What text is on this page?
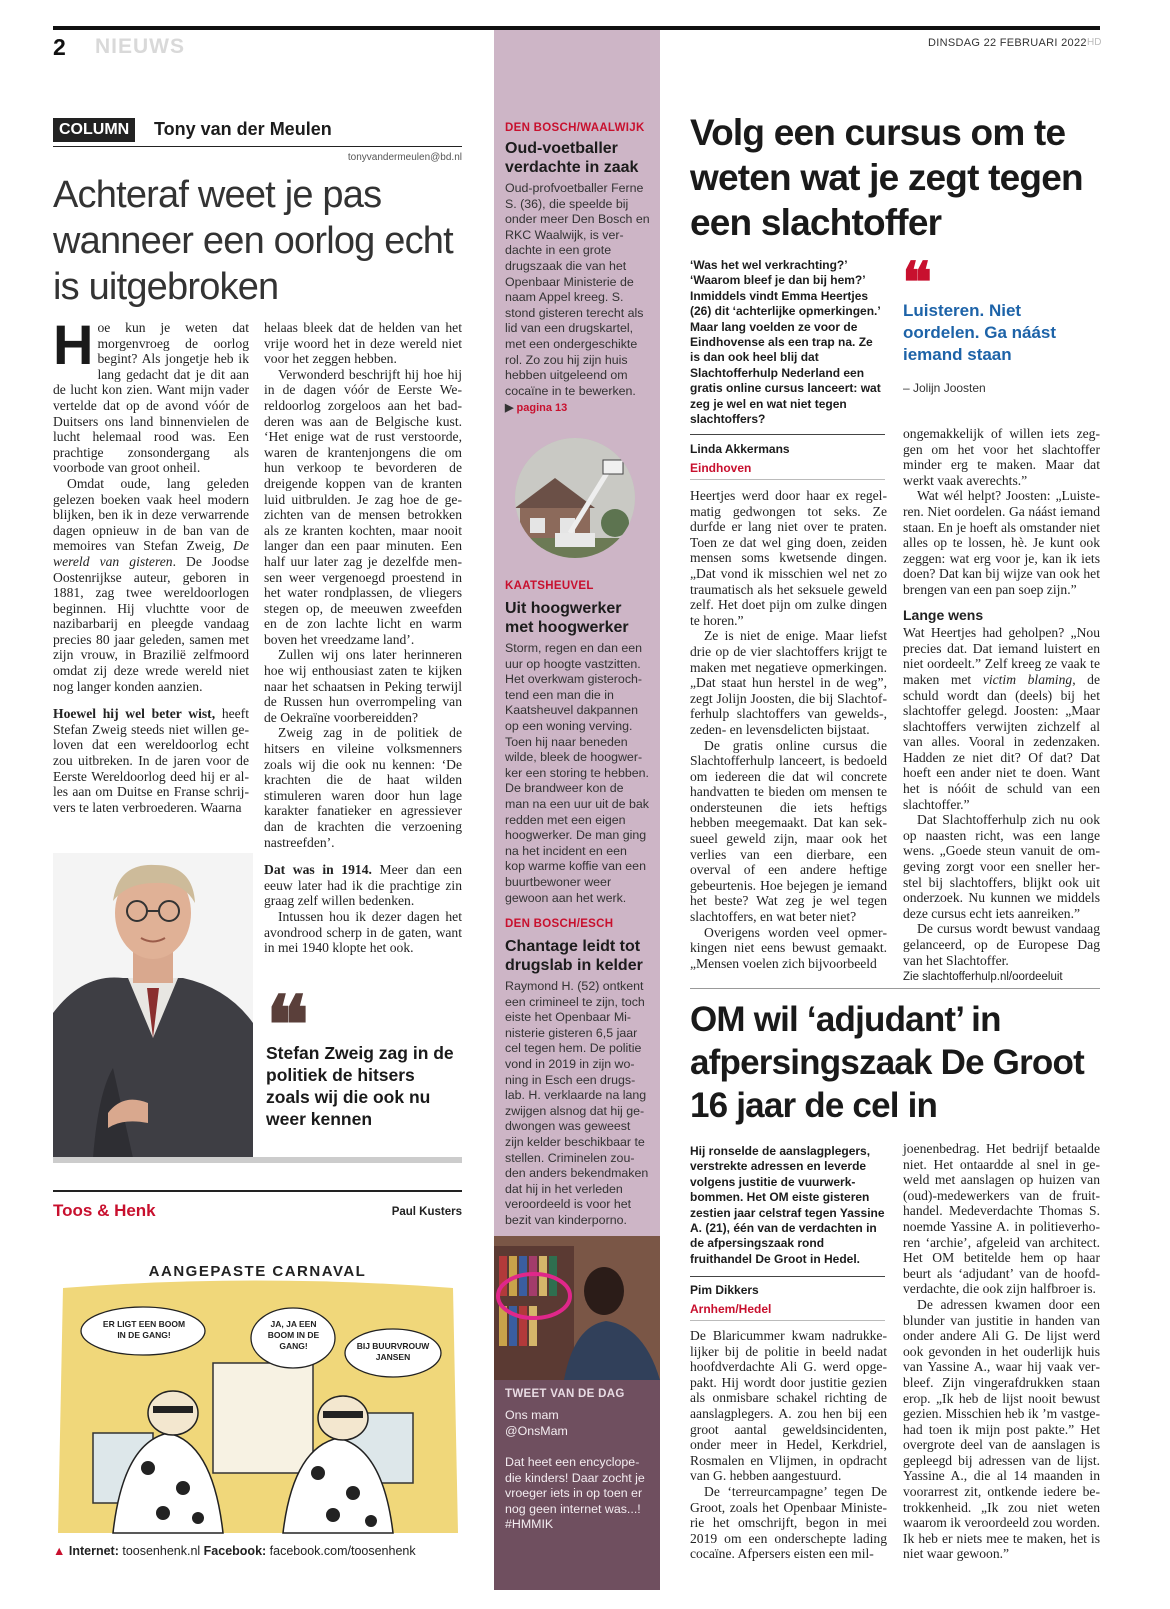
2 NIEUWS	DINSDAG 22 FEBRUARI 2022 HD
COLUMN	Tony van der Meulen
tonyvandermeulen@bd.nl
Achteraf weet je pas wanneer een oorlog echt is uitgebroken

Hoe kun je weten dat morgenvroeg de oorlog begint? Als jongetje heb ik lang gedacht dat je dit aan de lucht kon zien. Want mijn vader vertelde dat op de avond vóór de Duitsers ons land binnenvielen de lucht helemaal rood was. Een prachtige zonsondergang als voorbode van groot onheil.

Omdat oude, lang geleden gelezen boeken vaak heel modern blijken, ben ik in deze verwarrende dagen opnieuw in de ban van de memoires van Stefan Zweig, De wereld van gisteren. De Joodse Oostenrijkse auteur, geboren in 1881, zag twee wereldoorlogen beginnen. Hij vluchtte voor de nazibarbarij en pleegde vandaag precies 80 jaar geleden, samen met zijn vrouw, in Brazilië zelfmoord omdat zij deze wrede wereld niet nog langer konden aanzien.

Hoewel hij wel beter wist, heeft Stefan Zweig steeds niet willen geloven dat een wereldoorlog echt zou uitbreken. In de jaren voor de Eerste Wereldoorlog deed hij er alles aan om Duitse en Franse schrijvers te laten verbroederen. Waarna

helaas bleek dat de helden van het vrije woord het in deze wereld niet voor het zeggen hebben.

Verwonderd beschrijft hij hoe hij in de dagen vóór de Eerste Wereldoorlog zorgeloos aan het badderen was aan de Belgische kust. ‘Het enige wat de rust verstoorde, waren de krantenjongens die om hun verkoop te bevorderen de dreigende koppen van de kranten luid uitbrulden. Je zag hoe de gezichten van de mensen betrokken als ze kranten kochten, maar nooit langer dan een paar minuten. Een half uur later zag je dezelfde mensen weer vergenoegd proestend in het water rondplassen, de vliegers stegen op, de meeuwen zweefden en de zon lachte licht en warm boven het vreedzame land’.

Zullen wij ons later herinneren hoe wij enthousiast zaten te kijken naar het schaatsen in Peking terwijl de Russen hun overrompeling van de Oekraïne voorbereidden?

Zweig zag in de politiek de hitsers en vileine volksmenners zoals wij die ook nu kennen: ‘De krachten die de haat wilden stimuleren waren door hun lage karakter fanatieker en agressiever dan de krachten die verzoening nastreefden’.

Dat was in 1914. Meer dan een eeuw later had ik die prachtige zin graag zelf willen bedenken.

Intussen hou ik dezer dagen het avondrood scherp in de gaten, want in mei 1940 klopte het ook.

❝
Stefan Zweig zag in de politiek de hitsers zoals wij die ook nu weer kennen
Toos & Henk	Paul Kusters
AANGEPASTE CARNAVAL
ER LIGT EEN BOOM IN DE GANG!
JA, JA EEN BOOM IN DE GANG!	BIJ BUURVROUW JANSEN
▲ Internet: toosenhenk.nl Facebook: facebook.com/toosenhenk
DEN BOSCH/WAALWIJK
Oud-voetballer verdachte in zaak
Oud-profvoetballer Ferne S. (36), die speelde bij onder meer Den Bosch en RKC Waalwijk, is verdachte in een grote drugszaak die van het Openbaar Ministerie de naam Appel kreeg. S. stond gisteren terecht als lid van een drugskartel, met een ondergeschikte rol. Zo zou hij zijn huis hebben uitgeleend om cocaïne in te bewerken.
▶ pagina 13
KAATSHEUVEL
Uit hoogwerker met hoogwerker
Storm, regen en dan een uur op hoogte vastzitten. Het overkwam gisterochtend een man die in Kaatsheuvel dakpannen op een woning verving. Toen hij naar beneden wilde, bleek de hoogwerker een storing te hebben. De brandweer kon de man na een uur uit de bak redden met een eigen hoogwerker. De man ging na het incident en een kop warme koffie van een buurtbewoner weer gewoon aan het werk.
DEN BOSCH/ESCH
Chantage leidt tot drugslab in kelder
Raymond H. (52) ontkent een crimineel te zijn, toch eiste het Openbaar Ministerie gisteren 6,5 jaar cel tegen hem. De politie vond in 2019 in zijn woning in Esch een drugslab. H. verklaarde na lang zwijgen alsnog dat hij gedwongen was geweest zijn kelder beschikbaar te stellen. Criminelen zouden anders bekendmaken dat hij in het verleden veroordeeld is voor het bezit van kinderporno.
TWEET VAN DE DAG
Ons mam
@OnsMam
Dat heet een encyclopedie kinders! Daar zocht je vroeger iets in op toen er nog geen internet was...! #HMMIK
Volg een cursus om te weten wat je zegt tegen een slachtoffer
‘Was het wel verkrachting?’ ‘Waarom bleef je dan bij hem?’ Inmiddels vindt Emma Heertjes (26) dit ‘achterlijke opmerkingen.’ Maar lang voelden ze voor de Eindhovense als een trap na. Ze is dan ook heel blij dat Slachtofferhulp Nederland een gratis online cursus lanceert: wat zeg je wel en wat niet tegen slachtoffers?
❝
Luisteren. Niet oordelen. Ga náást iemand staan
– Jolijn Joosten
Linda Akkermans
Eindhoven

Heertjes werd door haar ex regelmatig gedwongen tot seks. Ze durfde er lang niet over te praten. Toen ze dat wel ging doen, zeiden mensen soms kwetsende dingen. „Dat vond ik misschien wel net zo traumatisch als het seksuele geweld zelf. Het doet pijn om zulke dingen te horen.”

Ze is niet de enige. Maar liefst drie op de vier slachtoffers krijgt te maken met negatieve opmerkingen. „Dat staat hun herstel in de weg”, zegt Jolijn Joosten, die bij Slachtofferhulp slachtoffers van gewelds-, zeden- en levensdelicten bijstaat.

De gratis online cursus die Slachtofferhulp lanceert, is bedoeld om iedereen die dat wil concrete handvatten te bieden om mensen te ondersteunen die iets heftigs hebben meegemaakt. Dat kan seksueel geweld zijn, maar ook het verlies van een dierbare, een overval of een andere heftige gebeurtenis. Hoe bejegen je iemand het beste? Wat zeg je wel tegen slachtoffers, en wat beter niet?

Overigens worden veel opmerkingen niet eens bewust gemaakt. „Mensen voelen zich bijvoorbeeld

ongemakkelijk of willen iets zeggen om het voor het slachtoffer minder erg te maken. Maar dat werkt vaak averechts.”

Wat wél helpt? Joosten: „Luisteren. Niet oordelen. Ga náást iemand staan. En je hoeft als omstander niet alles op te lossen, hè. Je kunt ook zeggen: wat erg voor je, kan ik iets doen? Dat kan bij wijze van ook het brengen van een pan soep zijn.”

Lange wens

Wat Heertjes had geholpen? „Nou precies dat. Dat iemand luistert en niet oordeelt.” Zelf kreeg ze vaak te maken met victim blaming, de schuld wordt dan (deels) bij het slachtoffer gelegd. Joosten: „Maar slachtoffers verwijten zichzelf al van alles. Vooral in zedenzaken. Hadden ze niet dit? Of dat? Dat hoeft een ander niet te doen. Want het is nóóit de schuld van een slachtoffer.”

Dat Slachtofferhulp zich nu ook op naasten richt, was een lange wens. „Goede steun vanuit de omgeving zorgt voor een sneller herstel bij slachtoffers, blijkt ook uit onderzoek. Nu kunnen we middels deze cursus echt iets aanreiken.”

De cursus wordt bewust vandaag gelanceerd, op de Europese Dag van het Slachtoffer.

Zie slachtofferhulp.nl/oordeeluit

OM wil ‘adjudant’ in afpersingszaak De Groot 16 jaar de cel in
Hij ronselde de aanslagplegers, verstrekte adressen en leverde volgens justitie de vuurwerkbommen. Het OM eiste gisteren zestien jaar celstraf tegen Yassine A. (21), één van de verdachten in de afpersingszaak rond fruithandel De Groot in Hedel.
Pim Dikkers
Arnhem/Hedel

De Blaricummer kwam nadrukkelijker bij de politie in beeld nadat hoofdverdachte Ali G. werd opgepakt. Hij wordt door justitie gezien als onmisbare schakel richting de aanslagplegers. A. zou hen bij een groot aantal geweldsincidenten, onder meer in Hedel, Kerkdriel, Rosmalen en Vlijmen, in opdracht van G. hebben aangestuurd.

De ‘terreurcampagne’ tegen De Groot, zoals het Openbaar Ministerie het omschrijft, begon in mei 2019 om een onderschepte lading cocaïne. Afpersers eisten een mil-

joenenbedrag. Het bedrijf betaalde niet. Het ontaardde al snel in geweld met aanslagen op huizen van (oud)-medewerkers van de fruithandel. Medeverdachte Thomas S. noemde Yassine A. in politieverhoren ‘archie’, afgeleid van architect. Het OM betitelde hem op haar beurt als ‘adjudant’ van de hoofdverdachte, die ook zijn halfbroer is.

De adressen kwamen door een blunder van justitie in handen van onder andere Ali G. De lijst werd ook gevonden in het ouderlijk huis van Yassine A., waar hij vaak verbleef. Zijn vingerafdrukken staan erop. „Ik heb de lijst nooit bewust gezien. Misschien heb ik ’m vastgehad toen ik mijn post pakte.” Het overgrote deel van de aanslagen is gepleegd bij adressen van de lijst. Yassine A., die al 14 maanden in voorarrest zit, ontkende iedere betrokkenheid. „Ik zou niet weten waarom ik veroordeeld zou worden. Ik heb er niets mee te maken, het is niet waar gewoon.”
